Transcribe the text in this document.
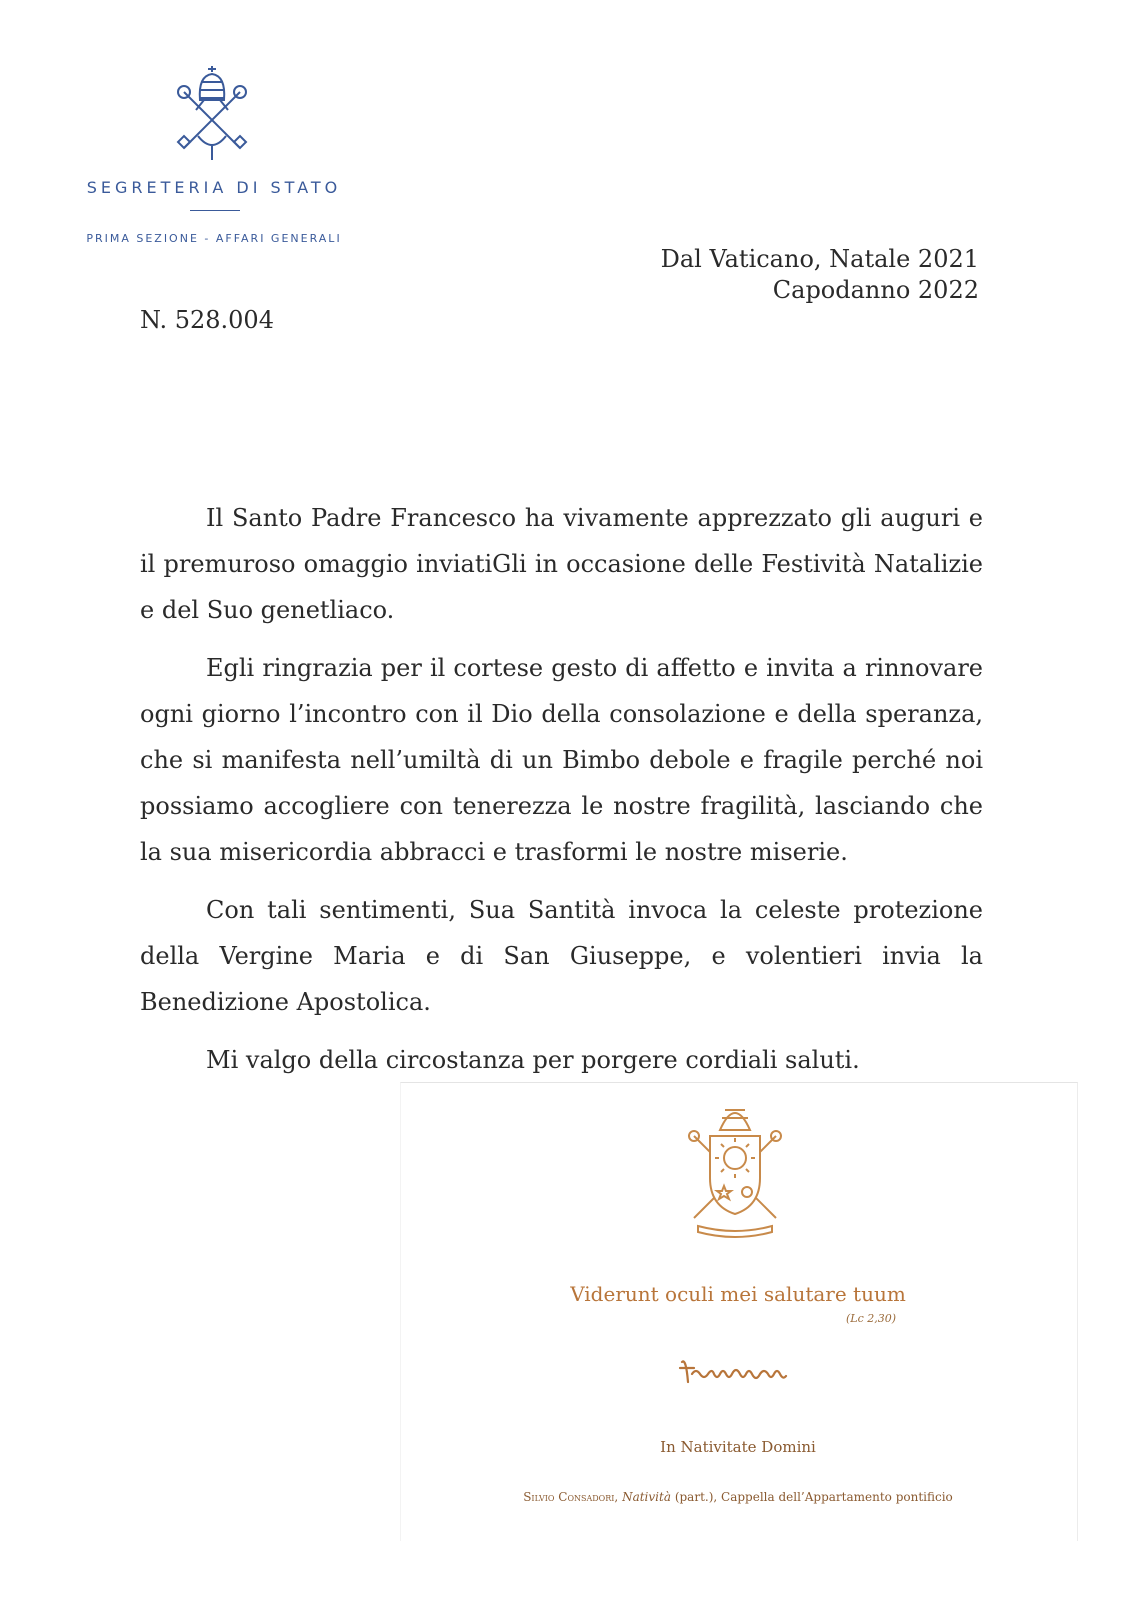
SEGRETERIA DI STATO
PRIMA SEZIONE - AFFARI GENERALI
Dal Vaticano, Natale 2021
Capodanno 2022
N. 528.004

Il Santo Padre Francesco ha vivamente apprezzato gli auguri e il premuroso omaggio inviatiGli in occasione delle Festività Natalizie e del Suo genetliaco.

Egli ringrazia per il cortese gesto di affetto e invita a rinnovare ogni giorno l’incontro con il Dio della consolazione e della speranza, che si manifesta nell’umiltà di un Bimbo debole e fragile perché noi possiamo accogliere con tenerezza le nostre fragilità, lasciando che la sua misericordia abbracci e trasformi le nostre miserie.

Con tali sentimenti, Sua Santità invoca la celeste protezione della Vergine Maria e di San Giuseppe, e volentieri invia la Benedizione Apostolica.

Mi valgo della circostanza per porgere cordiali saluti.

Viderunt oculi mei salutare tuum
(Lc 2,30)
In Nativitate Domini
Silvio Consadori, Natività (part.), Cappella dell’Appartamento pontificio
